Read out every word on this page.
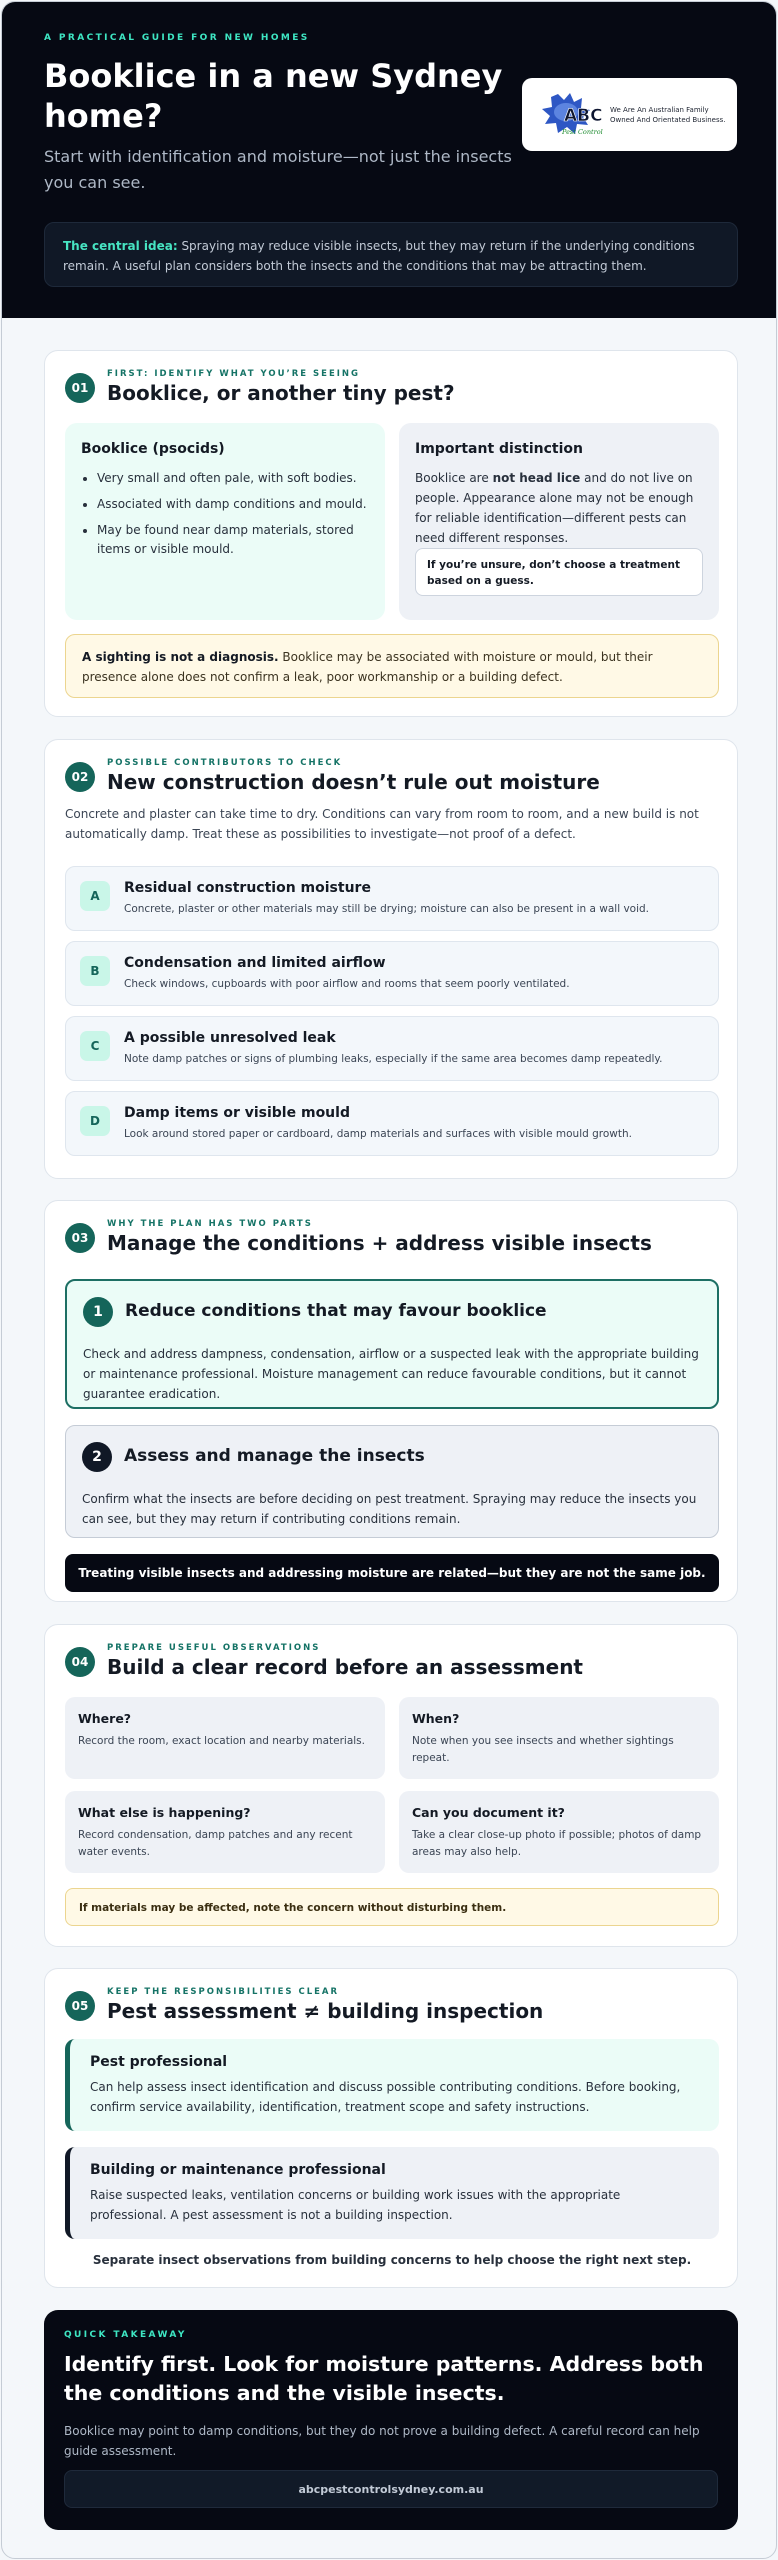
A PRACTICAL GUIDE FOR NEW HOMES
Booklice in a new Sydney home?

Start with identification and moisture—not just the insects you can see.

ABC
Pest Control
We Are An Australian Family Owned And Orientated Business.
The central idea: Spraying may reduce visible insects, but they may return if the underlying conditions remain. A useful plan considers both the insects and the conditions that may be attracting them.
01
FIRST: IDENTIFY WHAT YOU’RE SEEING
Booklice, or another tiny pest?
Booklice (psocids)
• Very small and often pale, with soft bodies.
• Associated with damp conditions and mould.
• May be found near damp materials, stored items or visible mould.
Important distinction

Booklice are not head lice and do not live on people. Appearance alone may not be enough for reliable identification—different pests can need different responses.

If you’re unsure, don’t choose a treatment based on a guess.
A sighting is not a diagnosis. Booklice may be associated with moisture or mould, but their presence alone does not confirm a leak, poor workmanship or a building defect.
02
POSSIBLE CONTRIBUTORS TO CHECK
New construction doesn’t rule out moisture

Concrete and plaster can take time to dry. Conditions can vary from room to room, and a new build is not automatically damp. Treat these as possibilities to investigate—not proof of a defect.

A	Residual construction moisture
Concrete, plaster or other materials may still be drying; moisture can also be present in a wall void.
B	Condensation and limited airflow
Check windows, cupboards with poor airflow and rooms that seem poorly ventilated.
C	A possible unresolved leak
Note damp patches or signs of plumbing leaks, especially if the same area becomes damp repeatedly.
D	Damp items or visible mould
Look around stored paper or cardboard, damp materials and surfaces with visible mould growth.
03
WHY THE PLAN HAS TWO PARTS
Manage the conditions + address visible insects
1	Reduce conditions that may favour booklice
Check and address dampness, condensation, airflow or a suspected leak with the appropriate building or maintenance professional. Moisture management can reduce favourable conditions, but it cannot guarantee eradication.
2	Assess and manage the insects
Confirm what the insects are before deciding on pest treatment. Spraying may reduce the insects you can see, but they may return if contributing conditions remain.
Treating visible insects and addressing moisture are related—but they are not the same job.
04
PREPARE USEFUL OBSERVATIONS
Build a clear record before an assessment
Where?

Record the room, exact location and nearby materials.

When?

Note when you see insects and whether sightings repeat.

What else is happening?

Record condensation, damp patches and any recent water events.

Can you document it?

Take a clear close-up photo if possible; photos of damp areas may also help.

If materials may be affected, note the concern without disturbing them.
05
KEEP THE RESPONSIBILITIES CLEAR
Pest assessment ≠ building inspection
Pest professional

Can help assess insect identification and discuss possible contributing conditions. Before booking, confirm service availability, identification, treatment scope and safety instructions.

Building or maintenance professional

Raise suspected leaks, ventilation concerns or building work issues with the appropriate professional. A pest assessment is not a building inspection.

Separate insect observations from building concerns to help choose the right next step.
QUICK TAKEAWAY
Identify first. Look for moisture patterns. Address both the conditions and the visible insects.

Booklice may point to damp conditions, but they do not prove a building defect. A careful record can help guide assessment.

abcpestcontrolsydney.com.au
